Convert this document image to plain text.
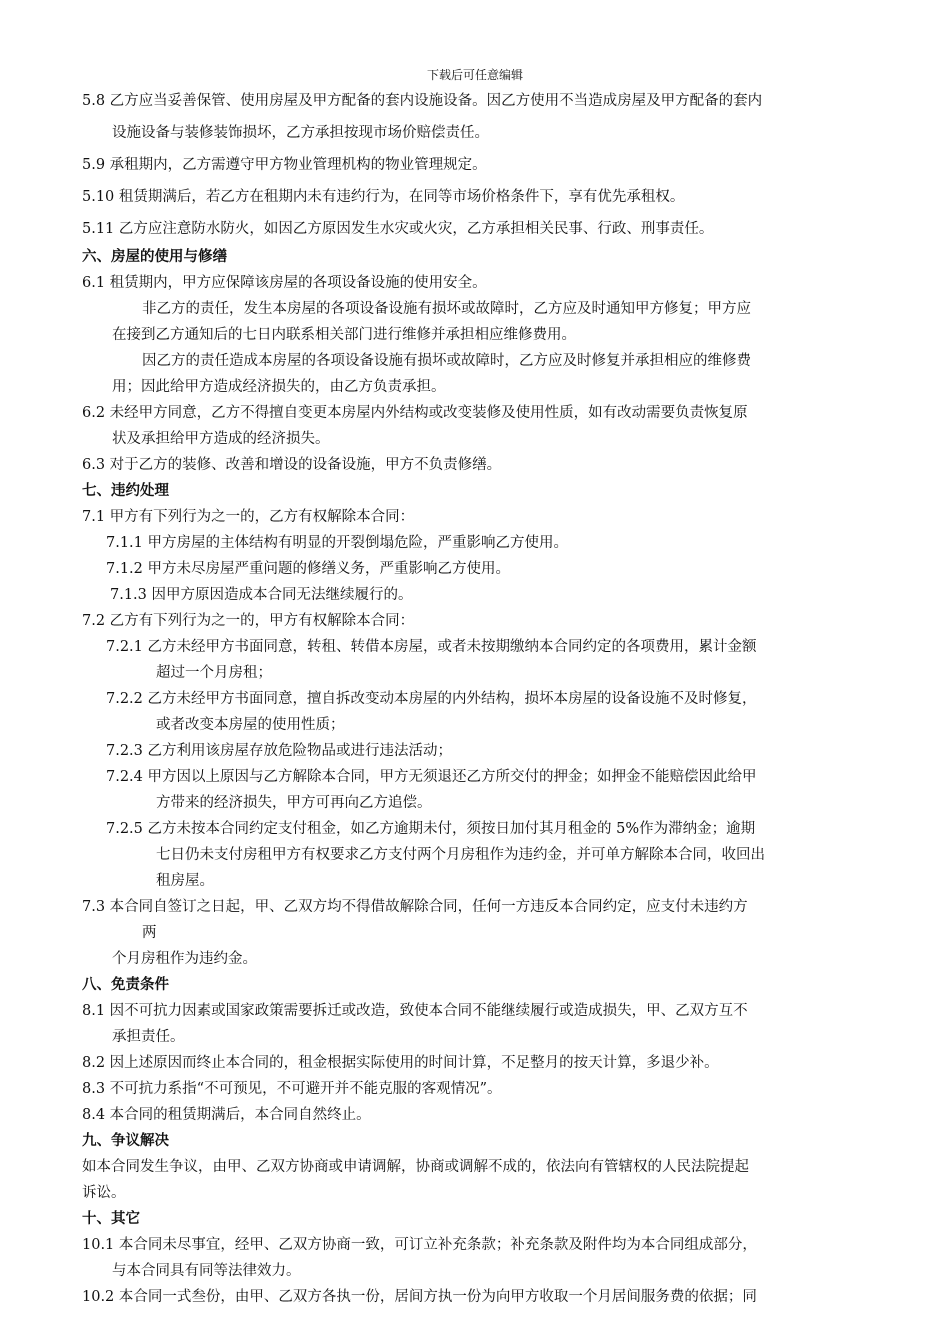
下载后可任意编辑
5.8 乙方应当妥善保管、使用房屋及甲方配备的套内设施设备。因乙方使用不当造成房屋及甲方配备的套内
设施设备与装修装饰损坏，乙方承担按现市场价赔偿责任。
5.9 承租期内，乙方需遵守甲方物业管理机构的物业管理规定。
5.10 租赁期满后，若乙方在租期内未有违约行为，在同等市场价格条件下，享有优先承租权。
5.11 乙方应注意防水防火，如因乙方原因发生水灾或火灾，乙方承担相关民事、行政、刑事责任。
六、房屋的使用与修缮
6.1 租赁期内，甲方应保障该房屋的各项设备设施的使用安全。
非乙方的责任，发生本房屋的各项设备设施有损坏或故障时，乙方应及时通知甲方修复；甲方应
在接到乙方通知后的七日内联系相关部门进行维修并承担相应维修费用。
因乙方的责任造成本房屋的各项设备设施有损坏或故障时，乙方应及时修复并承担相应的维修费
用；因此给甲方造成经济损失的，由乙方负责承担。
6.2 未经甲方同意，乙方不得擅自变更本房屋内外结构或改变装修及使用性质，如有改动需要负责恢复原
状及承担给甲方造成的经济损失。
6.3 对于乙方的装修、改善和增设的设备设施，甲方不负责修缮。
七、违约处理
7.1 甲方有下列行为之一的，乙方有权解除本合同：
7.1.1 甲方房屋的主体结构有明显的开裂倒塌危险，严重影响乙方使用。
7.1.2 甲方未尽房屋严重问题的修缮义务，严重影响乙方使用。
7.1.3 因甲方原因造成本合同无法继续履行的。
7.2 乙方有下列行为之一的，甲方有权解除本合同：
7.2.1 乙方未经甲方书面同意，转租、转借本房屋，或者未按期缴纳本合同约定的各项费用，累计金额
超过一个月房租；
7.2.2 乙方未经甲方书面同意，擅自拆改变动本房屋的内外结构，损坏本房屋的设备设施不及时修复，
或者改变本房屋的使用性质；
7.2.3 乙方利用该房屋存放危险物品或进行违法活动；
7.2.4 甲方因以上原因与乙方解除本合同，甲方无须退还乙方所交付的押金；如押金不能赔偿因此给甲
方带来的经济损失，甲方可再向乙方追偿。
7.2.5 乙方未按本合同约定支付租金，如乙方逾期未付，须按日加付其月租金的 5%作为滞纳金；逾期
七日仍未支付房租甲方有权要求乙方支付两个月房租作为违约金，并可单方解除本合同，收回出
租房屋。
7.3 本合同自签订之日起，甲、乙双方均不得借故解除合同，任何一方违反本合同约定，应支付未违约方
两
个月房租作为违约金。
八、免责条件
8.1 因不可抗力因素或国家政策需要拆迁或改造，致使本合同不能继续履行或造成损失，甲、乙双方互不
承担责任。
8.2 因上述原因而终止本合同的，租金根据实际使用的时间计算，不足整月的按天计算，多退少补。
8.3 不可抗力系指“不可预见，不可避开并不能克服的客观情况”。
8.4 本合同的租赁期满后，本合同自然终止。
九、争议解决
如本合同发生争议，由甲、乙双方协商或申请调解，协商或调解不成的，依法向有管辖权的人民法院提起
诉讼。
十、其它
10.1 本合同未尽事宜，经甲、乙双方协商一致，可订立补充条款；补充条款及附件均为本合同组成部分，
与本合同具有同等法律效力。
10.2 本合同一式叁份，由甲、乙双方各执一份，居间方执一份为向甲方收取一个月居间服务费的依据；同
